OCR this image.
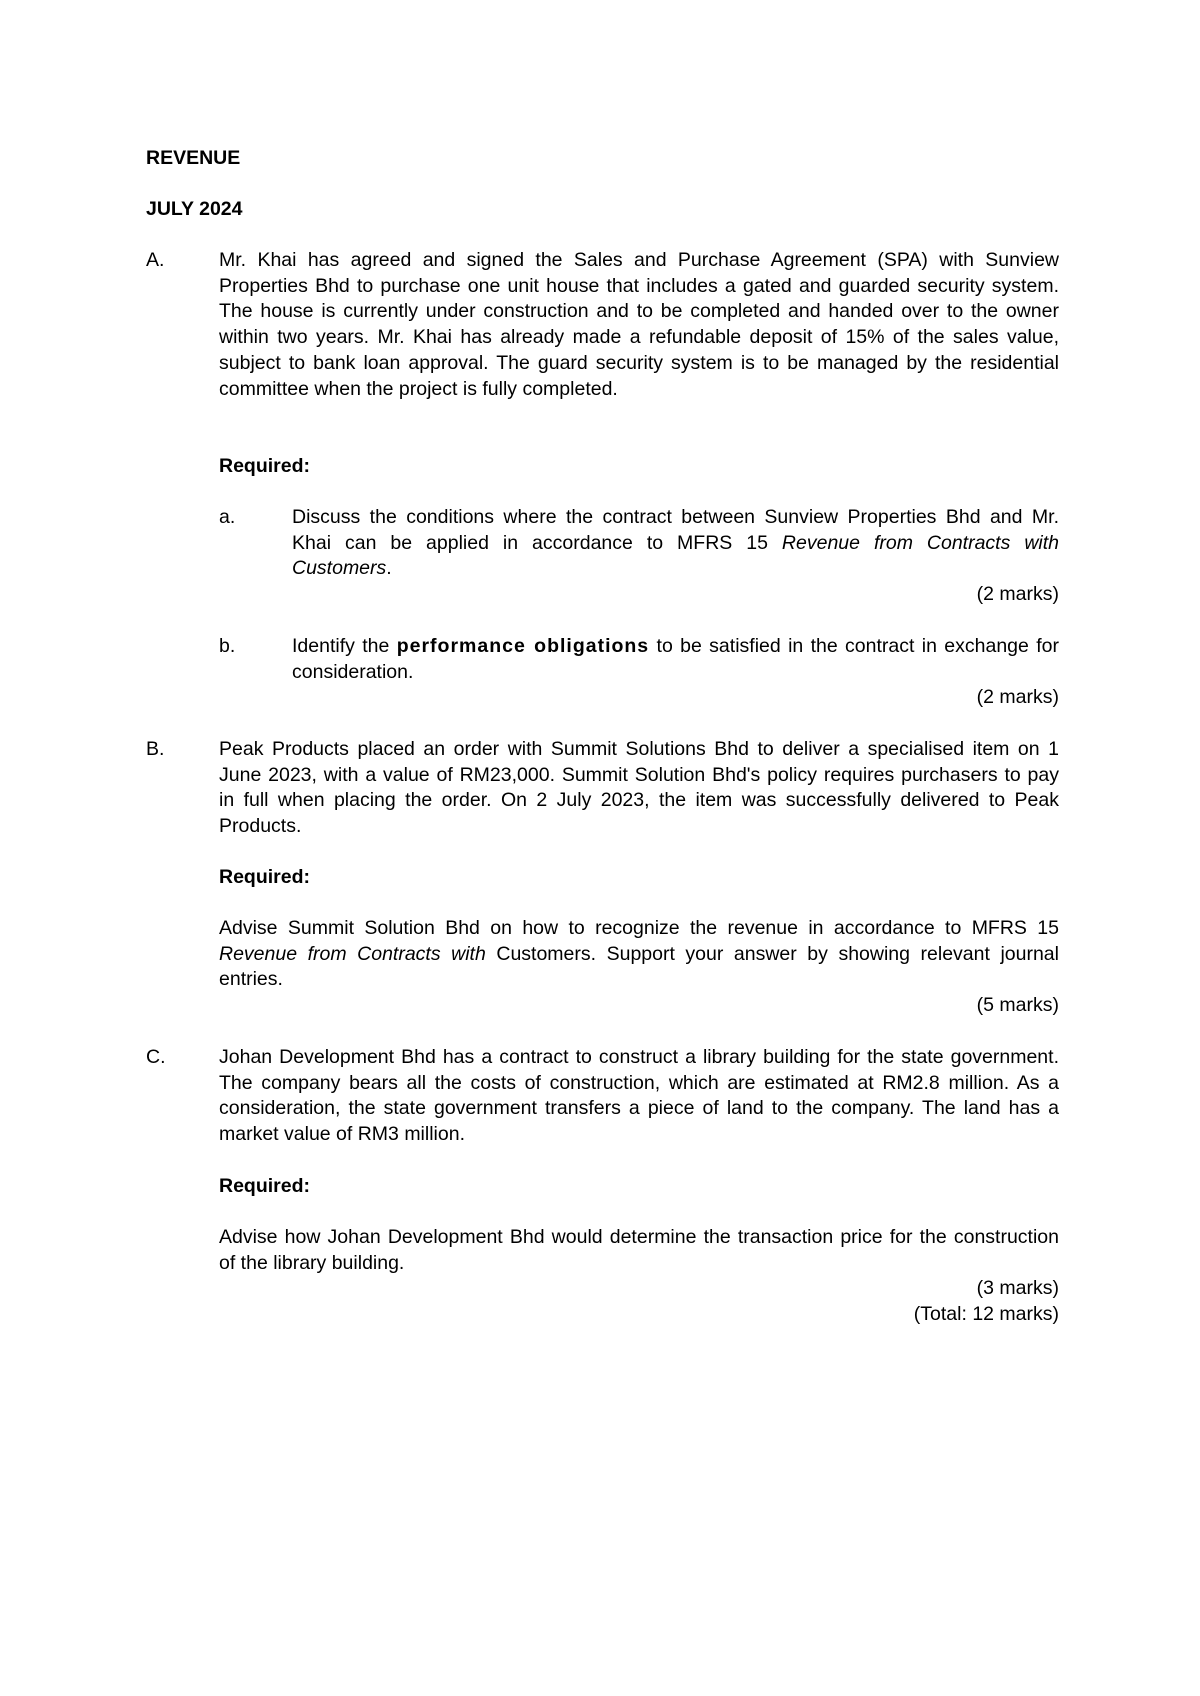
REVENUE
JULY 2024
A.	Mr. Khai has agreed and signed the Sales and Purchase Agreement (SPA) with Sunview Properties Bhd to purchase one unit house that includes a gated and guarded security system. The house is currently under construction and to be completed and handed over to the owner within two years. Mr. Khai has already made a refundable deposit of 15% of the sales value, subject to bank loan approval. The guard security system is to be managed by the residential committee when the project is fully completed.
Required:
a.	Discuss the conditions where the contract between Sunview Properties Bhd and Mr. Khai can be applied in accordance to MFRS 15 Revenue from Contracts with Customers.
(2 marks)
b.	Identify the performance obligations to be satisfied in the contract in exchange for consideration.
(2 marks)
B.	Peak Products placed an order with Summit Solutions Bhd to deliver a specialised item on 1 June 2023, with a value of RM23,000. Summit Solution Bhd's policy requires purchasers to pay in full when placing the order. On 2 July 2023, the item was successfully delivered to Peak Products.
Required:
Advise Summit Solution Bhd on how to recognize the revenue in accordance to MFRS 15 Revenue from Contracts with Customers. Support your answer by showing relevant journal entries.
(5 marks)
C.	Johan Development Bhd has a contract to construct a library building for the state government. The company bears all the costs of construction, which are estimated at RM2.8 million. As a consideration, the state government transfers a piece of land to the company. The land has a market value of RM3 million.
Required:
Advise how Johan Development Bhd would determine the transaction price for the construction of the library building.
(3 marks)
(Total: 12 marks)
